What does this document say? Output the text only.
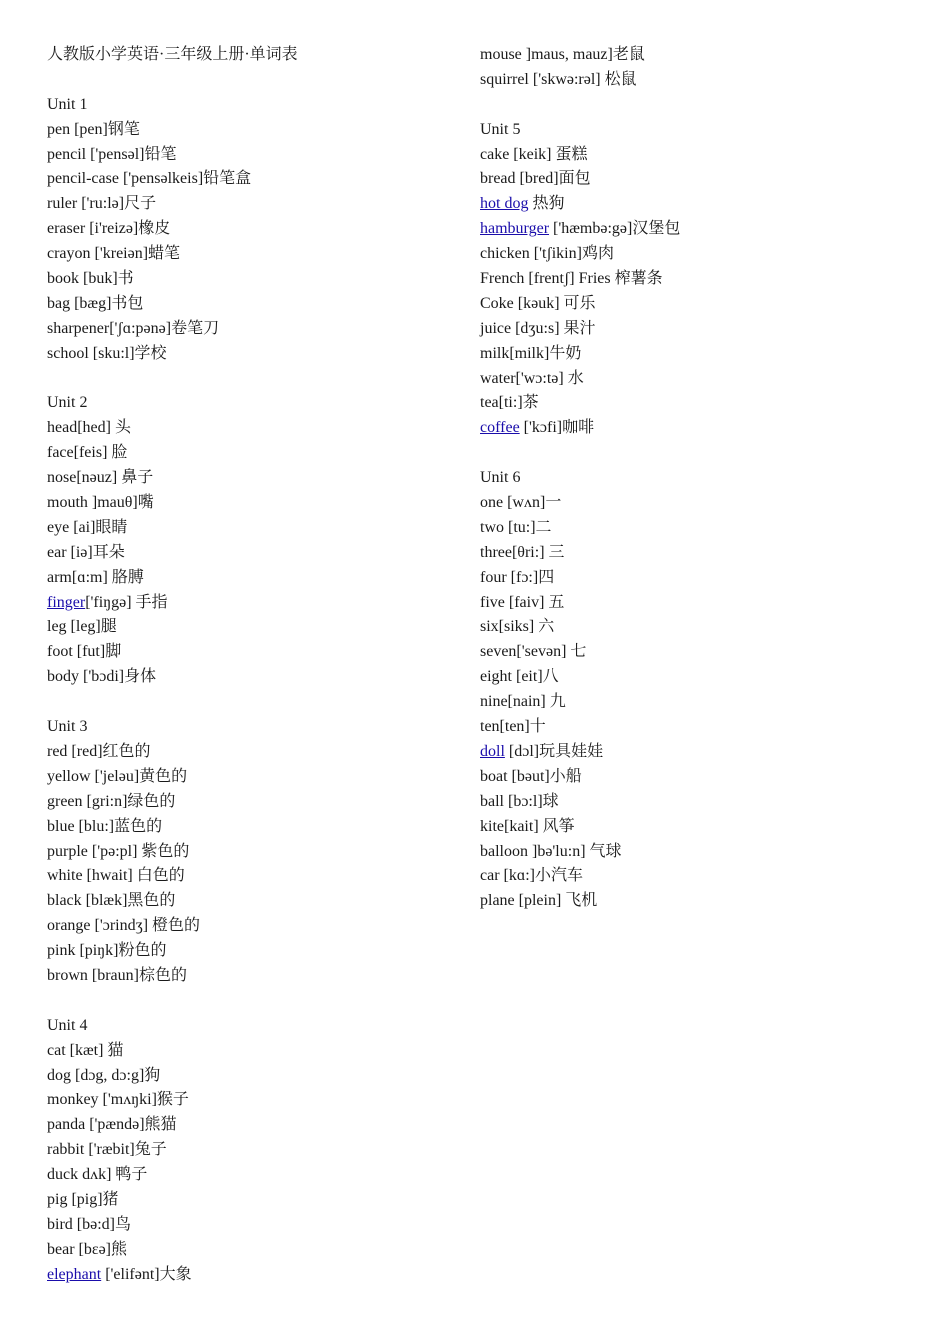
人教版小学英语·三年级上册·单词表
Unit 1
pen [pen]钢笔
pencil ['pensəl]铅笔
pencil-case ['pensəlkeis]铅笔盒
ruler ['ru:lə]尺子
eraser [i'reizə]橡皮
crayon ['kreiən]蜡笔
book [buk]书
bag [bæg]书包
sharpener['ʃɑ:pənə]卷笔刀
school [sku:l]学校
Unit 2
head[hed] 头
face[feis] 脸
nose[nəuz] 鼻子
mouth ]mauθ]嘴
eye [ai]眼睛
ear [iə]耳朵
arm[ɑ:m] 胳膊
finger['fiŋgə] 手指
leg [leg]腿
foot [fut]脚
body ['bɔdi]身体
Unit 3
red [red]红色的
yellow ['jeləu]黄色的
green [gri:n]绿色的
blue [blu:]蓝色的
purple ['pə:pl] 紫色的
white [hwait] 白色的
black [blæk]黑色的
orange ['ɔrindʒ] 橙色的
pink [piŋk]粉色的
brown [braun]棕色的
Unit 4
cat [kæt] 猫
dog [dɔg, dɔ:g]狗
monkey ['mʌŋki]猴子
panda ['pændə]熊猫
rabbit ['ræbit]兔子
duck dʌk] 鸭子
pig [pig]猪
bird [bə:d]鸟
bear [bεə]熊
elephant ['elifənt]大象
mouse ]maus, mauz]老鼠
squirrel ['skwə:rəl] 松鼠
Unit 5
cake [keik] 蛋糕
bread [bred]面包
hot dog 热狗
hamburger ['hæmbə:gə]汉堡包
chicken ['tʃikin]鸡肉
French [frentʃ] Fries 榨薯条
Coke [kəuk] 可乐
juice [dʒu:s] 果汁
milk[milk]牛奶
water['wɔ:tə] 水
tea[ti:]茶
coffee ['kɔfi]咖啡
Unit 6
one [wʌn]一
two [tu:]二
three[θri:] 三
four [fɔ:]四
five [faiv] 五
six[siks] 六
seven['sevən] 七
eight [eit]八
nine[nain] 九
ten[ten]十
doll [dɔl]玩具娃娃
boat [bəut]小船
ball [bɔ:l]球
kite[kait] 风筝
balloon ]bə'lu:n] 气球
car [kɑ:]小汽车
plane [plein] 飞机
